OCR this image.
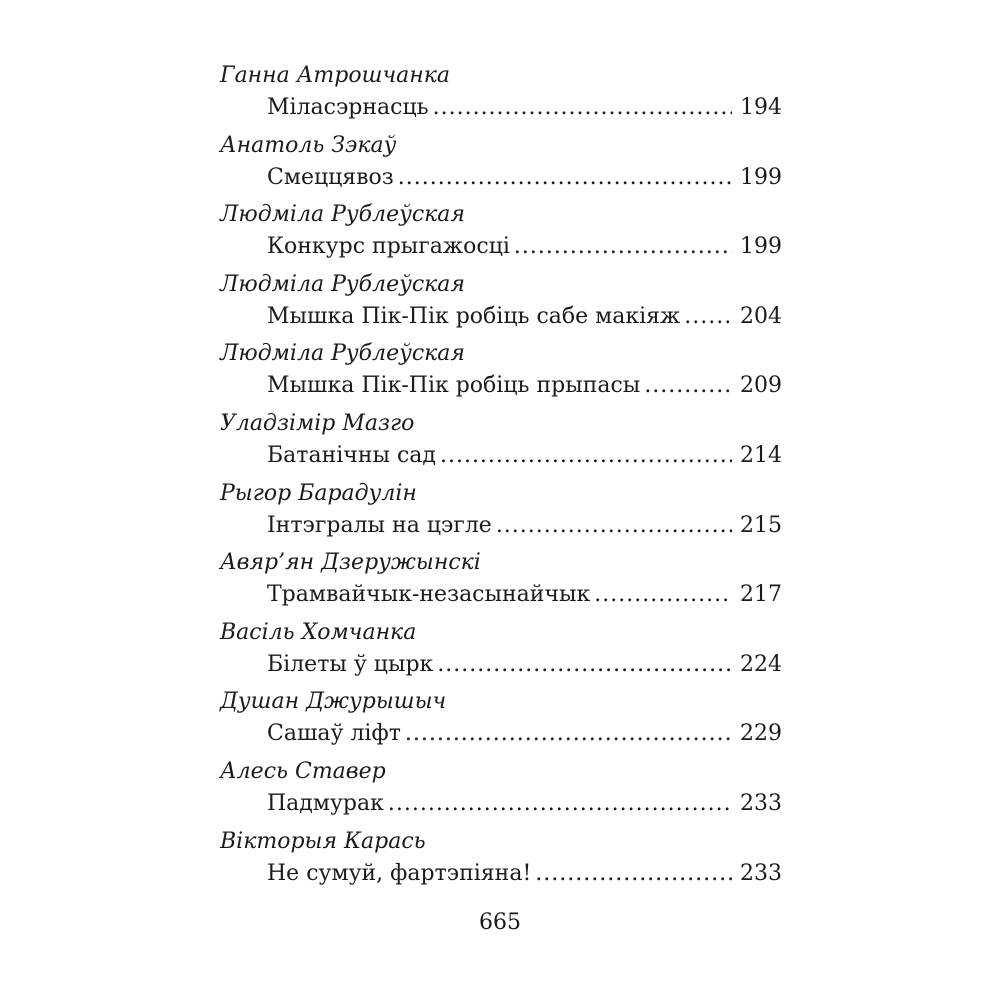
Ганна Атрошчанка
Міласэрнасць .....	194
Анатоль Зэкаў
Смеццявоз .....	199
Людміла Рублеўская
Конкурс прыгажосці .....	199
Людміла Рублеўская
Мышка Пік-Пік робіць сабе макіяж .....	204
Людміла Рублеўская
Мышка Пік-Пік робіць прыпасы .....	209
Уладзімір Мазго
Батанічны сад .....	214
Рыгор Барадулін
Інтэгралы на цэгле .....	215
Авяр’ян Дзеружынскі
Трамвайчык-незасынайчык .....	217
Васіль Хомчанка
Білеты ў цырк .....	224
Душан Джурышыч
Сашаў ліфт .....	229
Алесь Ставер
Падмурак .....	233
Вікторыя Карась
Не сумуй, фартэпіяна! .....	233
665
